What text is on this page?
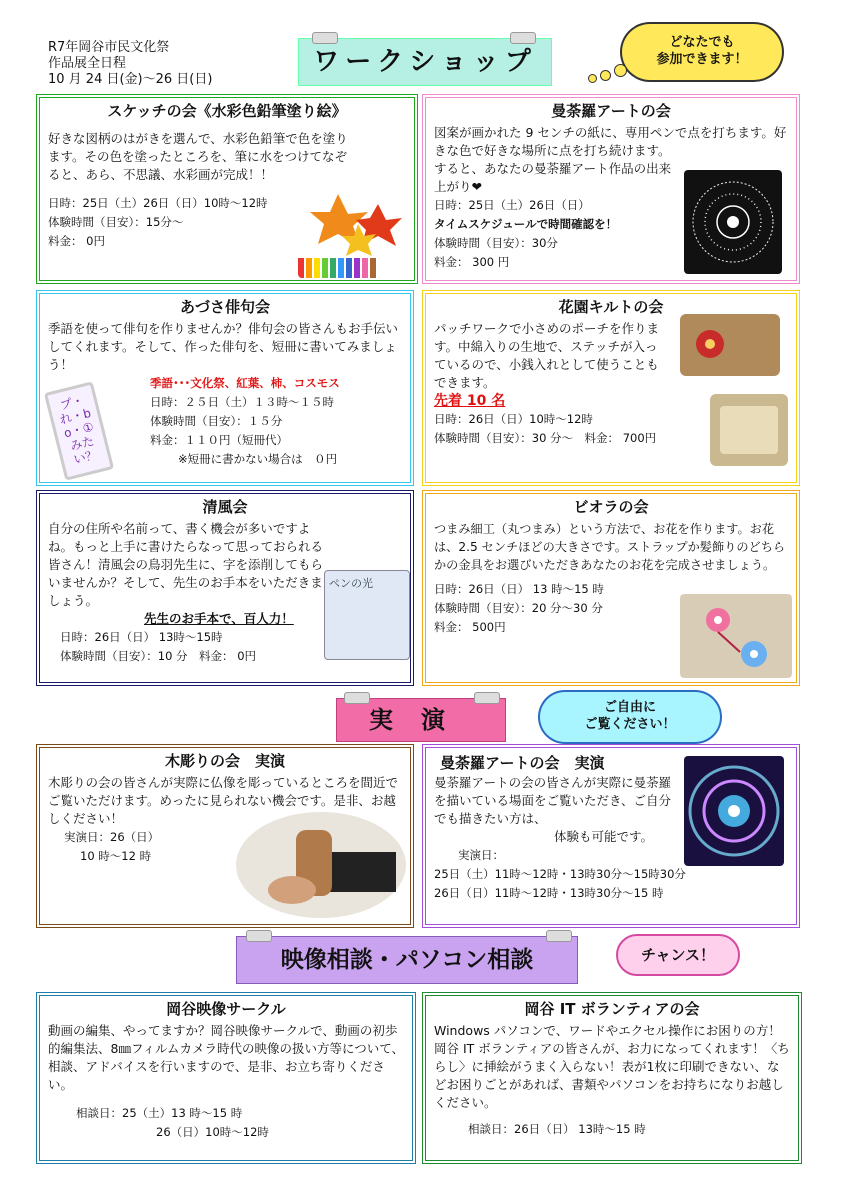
R7年岡谷市民文化祭
作品展全日程
10 月 24 日(金)～26 日(日)
ワークショップ
どなたでも
参加できます！
スケッチの会《水彩色鉛筆塗り絵》

好きな図柄のはがきを選んで、水彩色鉛筆で色を塗ります。その色を塗ったところを、筆に水をつけてなぞると、あら、不思議、水彩画が完成！！

日時：25日（土）26日（日）10時～12時
体験時間（目安）：15分～
料金： 0円
曼荼羅アートの会

図案が画かれた 9 センチの紙に、専用ペンで点を打ちます。好きな色で好きな場所に点を打ち続けます。

すると、あなたの曼荼羅アート作品の出来上がり❤

日時：25日（土）26日（日）
タイムスケジュールで時間確認を！
体験時間（目安）：30分
料金： 300 円
あづさ俳句会

季語を使って俳句を作りませんか？俳句会の皆さんもお手伝いしてくれます。そして、作った俳句を、短冊に書いてみましょう！

季語･･･文化祭、紅葉、柿、コスモス
日時：２５日（土）１３時～１５時
体験時間（目安）：１５分
料金：１１０円（短冊代）
※短冊に書かない場合は　０円
プ・れ・bo・①みたい？
花園キルトの会

パッチワークで小さめのポーチを作ります。中綿入りの生地で、ステッチが入っているので、小銭入れとして使うこともできます。

先着 10 名
日時：26日（日）10時～12時
体験時間（目安）：30 分～　料金： 700円
清風会

自分の住所や名前って、書く機会が多いですよね。もっと上手に書けたらなって思っておられる皆さん！清風会の鳥羽先生に、字を添削してもらいませんか？そして、先生のお手本をいただきましょう。

先生のお手本で、百人力！
日時：26日（日） 13時～15時
体験時間（目安）：10 分　料金： 0円
ペンの光
ビオラの会

つまみ細工（丸つまみ）という方法で、お花を作ります。お花は、2.5 センチほどの大きさです。ストラップか髪飾りのどちらかの金具をお選びいただきあなたのお花を完成させましょう。

日時：26日（日） 13 時～15 時
体験時間（目安）：20 分～30 分
料金： 500円
実演	ご自由に
ご覧ください！
木彫りの会　実演

木彫りの会の皆さんが実際に仏像を彫っているところを間近でご覧いただけます。めったに見られない機会です。是非、お越しください！

実演日：26（日）
10 時～12 時
曼荼羅アートの会　実演

曼荼羅アートの会の皆さんが実際に曼荼羅を描いている場面をご覧いただき、ご自分でも描きたい方は、

体験も可能です。
実演日：
25日（土）11時～12時・13時30分～15時30分
26日（日）11時～12時・13時30分～15 時
映像相談・パソコン相談	チャンス！
岡谷映像サークル

動画の編集、やってますか？岡谷映像サークルで、動画の初歩的編集法、8㎜フィルムカメラ時代の映像の扱い方等について、相談、アドバイスを行いますので、是非、お立ち寄りください。

相談日：25（土）13 時～15 時
26（日）10時～12時
岡谷 IT ボランティアの会

Windows パソコンで、ワードやエクセル操作にお困りの方！岡谷 IT ボランティアの皆さんが、お力になってくれます！〈ちらし〉に挿絵がうまく入らない！表が1枚に印刷できない、などお困りごとがあれば、書類やパソコンをお持ちになりお越しください。

相談日：26日（日） 13時～15 時
